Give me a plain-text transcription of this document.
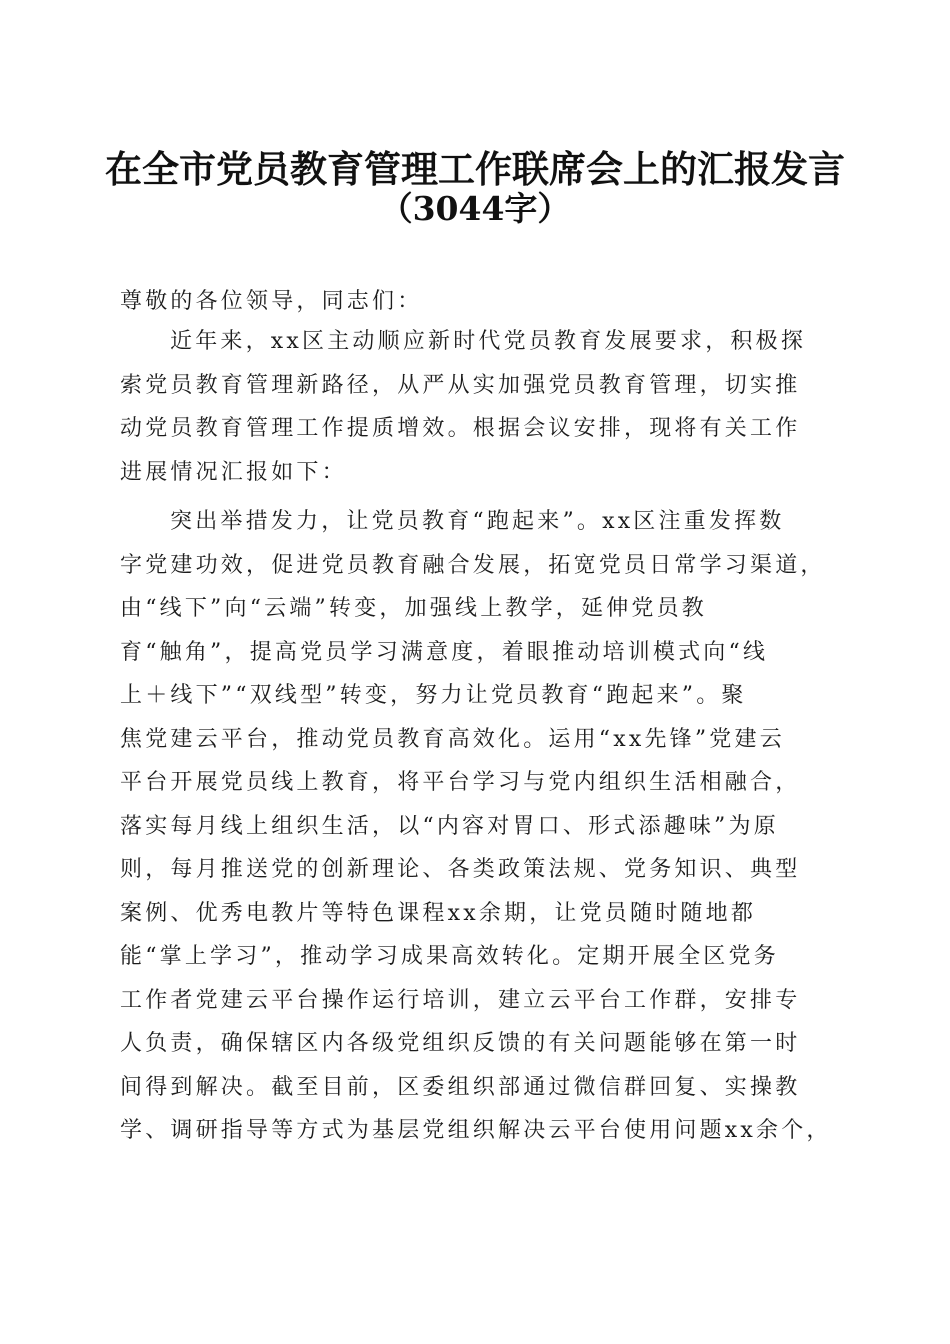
在全市党员教育管理工作联席会上的汇报发言
（3044字）
尊敬的各位领导，同志们：
近年来，xx区主动顺应新时代党员教育发展要求，积极探
索党员教育管理新路径，从严从实加强党员教育管理，切实推
动党员教育管理工作提质增效。根据会议安排，现将有关工作
进展情况汇报如下：
突出举措发力，让党员教育“跑起来”。xx区注重发挥数
字党建功效，促进党员教育融合发展，拓宽党员日常学习渠道，
由“线下”向“云端”转变，加强线上教学，延伸党员教
育“触角”，提高党员学习满意度，着眼推动培训模式向“线
上＋线下”“双线型”转变，努力让党员教育“跑起来”。聚
焦党建云平台，推动党员教育高效化。运用“xx先锋”党建云
平台开展党员线上教育，将平台学习与党内组织生活相融合，
落实每月线上组织生活，以“内容对胃口、形式添趣味”为原
则，每月推送党的创新理论、各类政策法规、党务知识、典型
案例、优秀电教片等特色课程xx余期，让党员随时随地都
能“掌上学习”，推动学习成果高效转化。定期开展全区党务
工作者党建云平台操作运行培训，建立云平台工作群，安排专
人负责，确保辖区内各级党组织反馈的有关问题能够在第一时
间得到解决。截至目前，区委组织部通过微信群回复、实操教
学、调研指导等方式为基层党组织解决云平台使用问题xx余个，
